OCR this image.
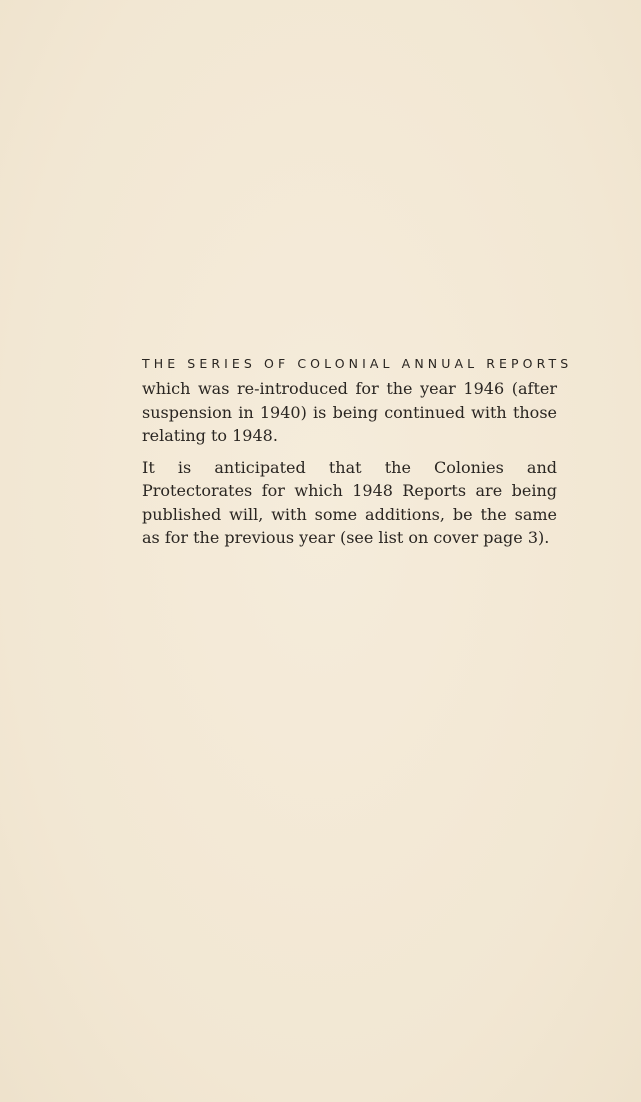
THE SERIES OF COLONIAL ANNUAL REPORTS

which was re-introduced for the year 1946 (after suspension in 1940) is being continued with those relating to 1948.

It is anticipated that the Colonies and Protectorates for which 1948 Reports are being published will, with some additions, be the same as for the previous year (see list on cover page 3).
